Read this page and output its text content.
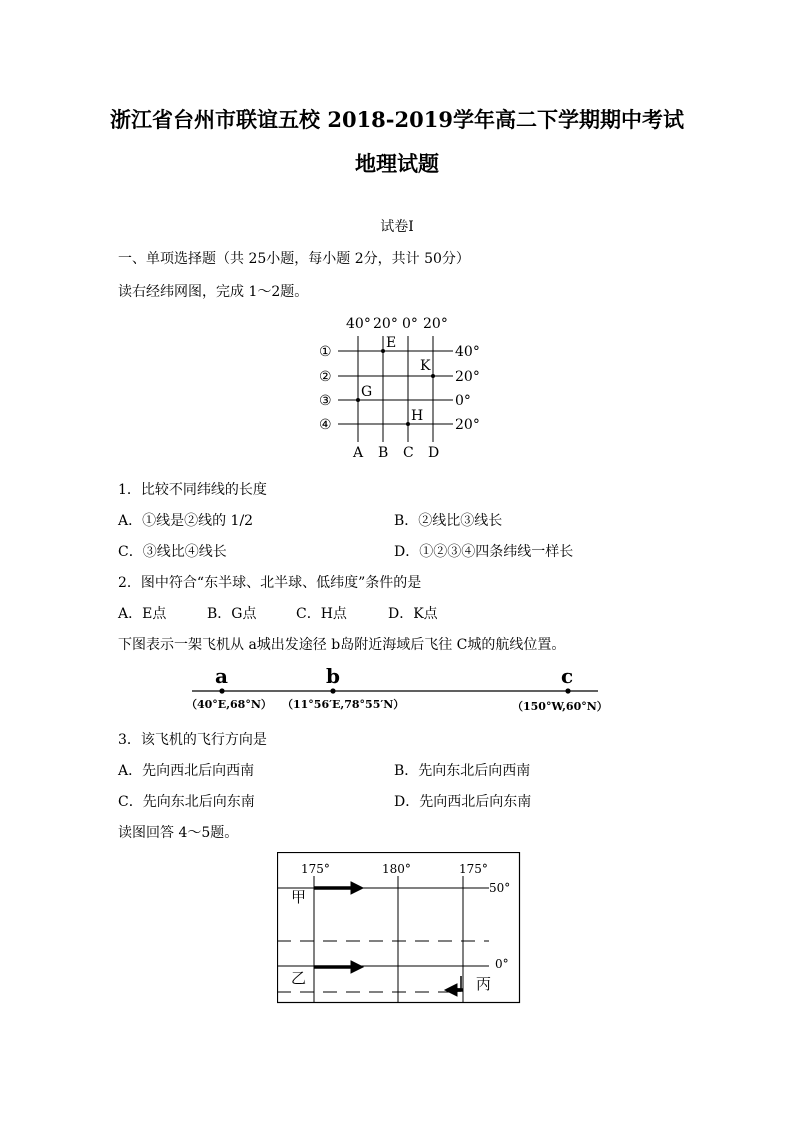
浙江省台州市联谊五校 2018-2019学年高二下学期期中考试
地理试题
试卷Ⅰ
一、单项选择题（共 25小题，每小题 2分，共计 50分）
读右经纬网图，完成 1～2题。
40° 20° 0° 20°
40°
20°
0°
20°
①
②
③
④
A B C D
E
K
G
H
1．比较不同纬线的长度
A．①线是②线的 1/2	B．②线比③线长
C．③线比④线长	D．①②③④四条纬线一样长
2．图中符合“东半球、北半球、低纬度”条件的是
A．E点	B．G点	C．H点	D．K点
下图表示一架飞机从 a城出发途径 b岛附近海域后飞往 C城的航线位置。
a	b	c
（40°E,68°N） （11°56′E,78°55′N）	（150°W,60°N）
3．该飞机的飞行方向是
A．先向西北后向西南	B．先向东北后向西南
C．先向东北后向东南	D．先向西北后向东南
读图回答 4～5题。
175°	180°	175°
50°
0°
甲
乙	丙
